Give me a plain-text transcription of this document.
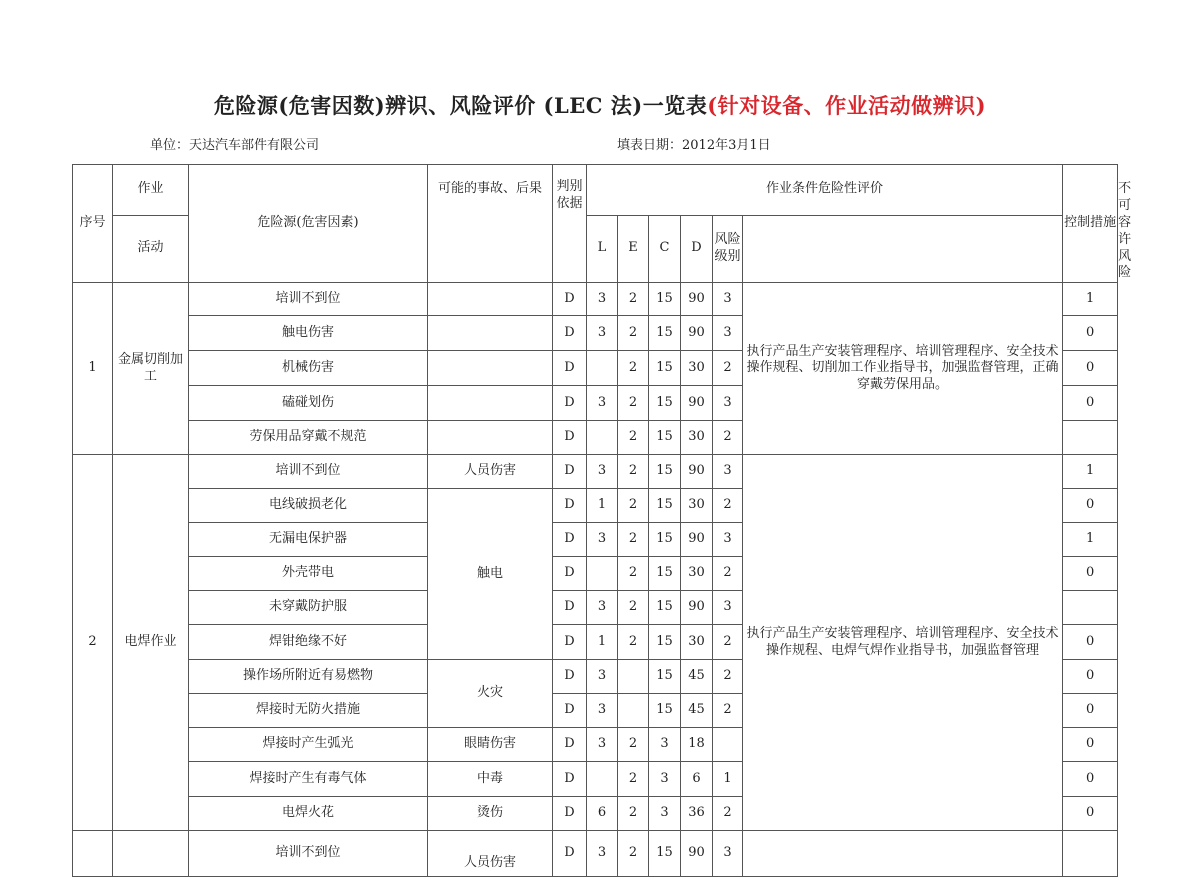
危险源(危害因数)辨识、风险评价 (LEC 法)一览表(针对设备、作业活动做辨识)
单位：天达汽车部件有限公司	填表日期：2012年3月1日
序号	作业	危险源(危害因素)	可能的事故、后果	判别依据	作业条件危险性评价						控制措施	不可容许风险
	活动				L	E	C	D	风险级别			
1	金属切削加工	培训不到位		D	3	2	15	90	3	执行产品生产安装管理程序、培训管理程序、安全技术操作规程、切削加工作业指导书，加强监督管理，正确穿戴劳保用品。	1	
		触电伤害		D	3	2	15	90	3		0	
		机械伤害		D		2	15	30	2		0	
		磕碰划伤		D	3	2	15	90	3		0	
		劳保用品穿戴不规范		D		2	15	30	2			
2	电焊作业	培训不到位	人员伤害	D	3	2	15	90	3	执行产品生产安装管理程序、培训管理程序、安全技术操作规程、电焊气焊作业指导书，加强监督管理	1	
		电线破损老化	触电	D	1	2	15	30	2		0	
		无漏电保护器		D	3	2	15	90	3		1	
		外壳带电		D		2	15	30	2		0	
		未穿戴防护服		D	3	2	15	90	3			
		焊钳绝缘不好		D	1	2	15	30	2		0	
		操作场所附近有易燃物	火灾	D	3		15	45	2		0	
		焊接时无防火措施		D	3		15	45	2		0	
		焊接时产生弧光	眼睛伤害	D	3	2	3	18			0	
		焊接时产生有毒气体	中毒	D		2	3	6	1		0	
		电焊火花	烫伤	D	6	2	3	36	2		0	
		培训不到位	人员伤害	D	3	2	15	90	3			
